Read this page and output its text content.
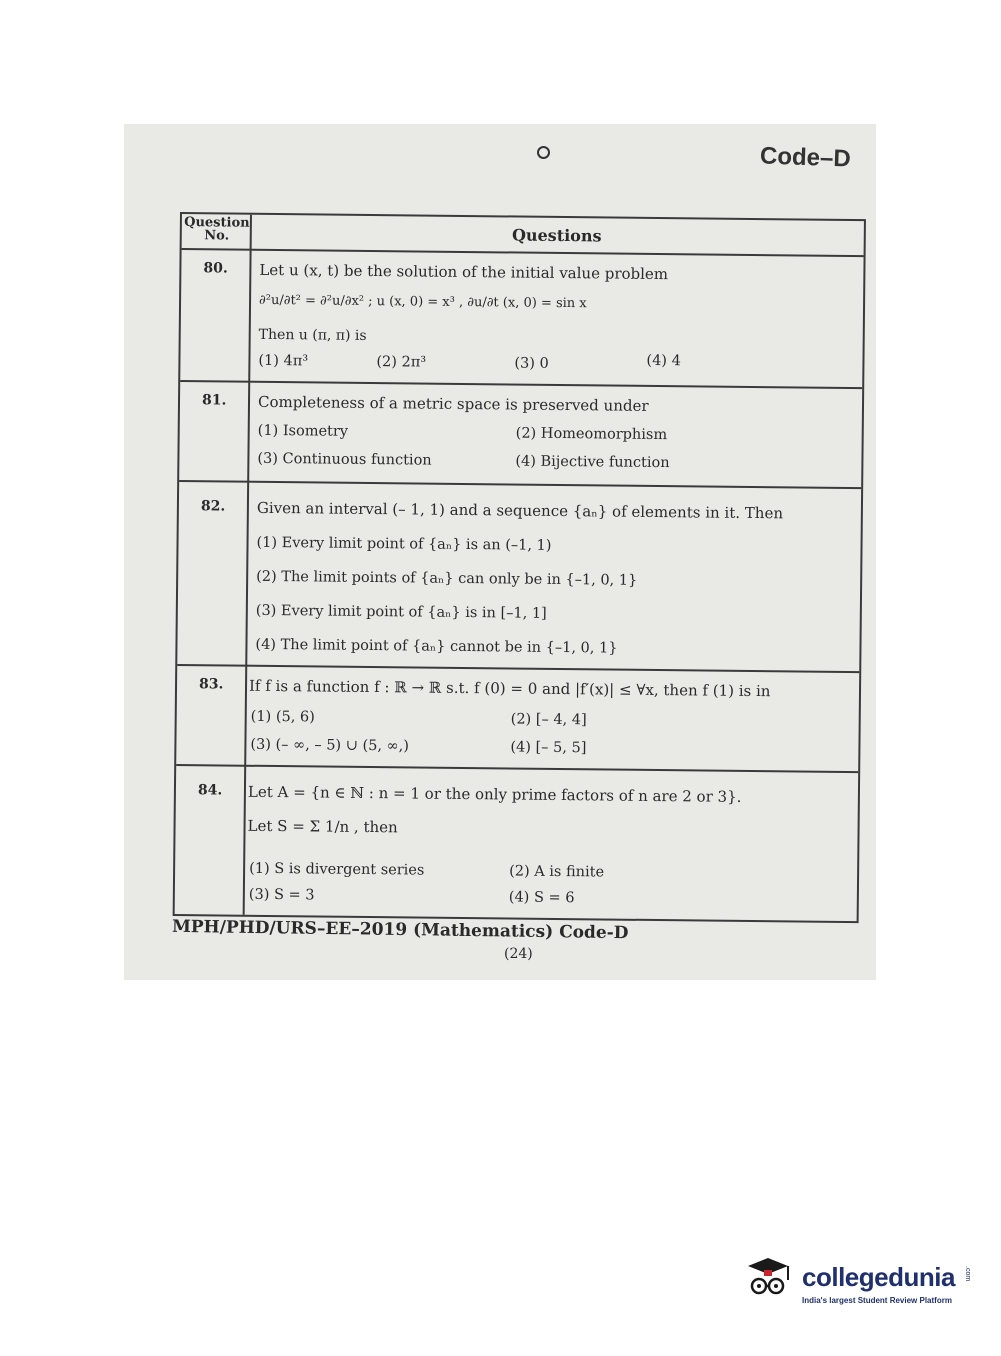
Code–D
Question No.	Questions
80. Let u (x, t) be the solution of the initial value problem
∂²u/∂t² = ∂²u/∂x² ; u (x, 0) = x³ , ∂u/∂t (x, 0) = sin x
Then u (π, π) is
(1) 4π³	(2) 2π³	(3) 0	(4) 4
81. Completeness of a metric space is preserved under
(1) Isometry	(2) Homeomorphism
(3) Continuous function	(4) Bijective function
82. Given an interval (– 1, 1) and a sequence {aₙ} of elements in it. Then
(1) Every limit point of {aₙ} is an (–1, 1)
(2) The limit points of {aₙ} can only be in {–1, 0, 1}
(3) Every limit point of {aₙ} is in [–1, 1]
(4) The limit point of {aₙ} cannot be in {–1, 0, 1}
83. If f is a function f : ℝ → ℝ s.t. f (0) = 0 and |f′(x)| ≤ ∀x, then f (1) is in
(1) (5, 6)	(2) [– 4, 4]
(3) (– ∞, – 5) ∪ (5, ∞,)	(4) [– 5, 5]
84. Let A = {n ∈ ℕ : n = 1 or the only prime factors of n are 2 or 3}.
Let S = Σ 1/n , then
(1) S is divergent series	(2) A is finite
(3) S = 3	(4) S = 6
MPH/PHD/URS–EE–2019 (Mathematics) Code-D
(24)
collegedunia .com
India's largest Student Review Platform
